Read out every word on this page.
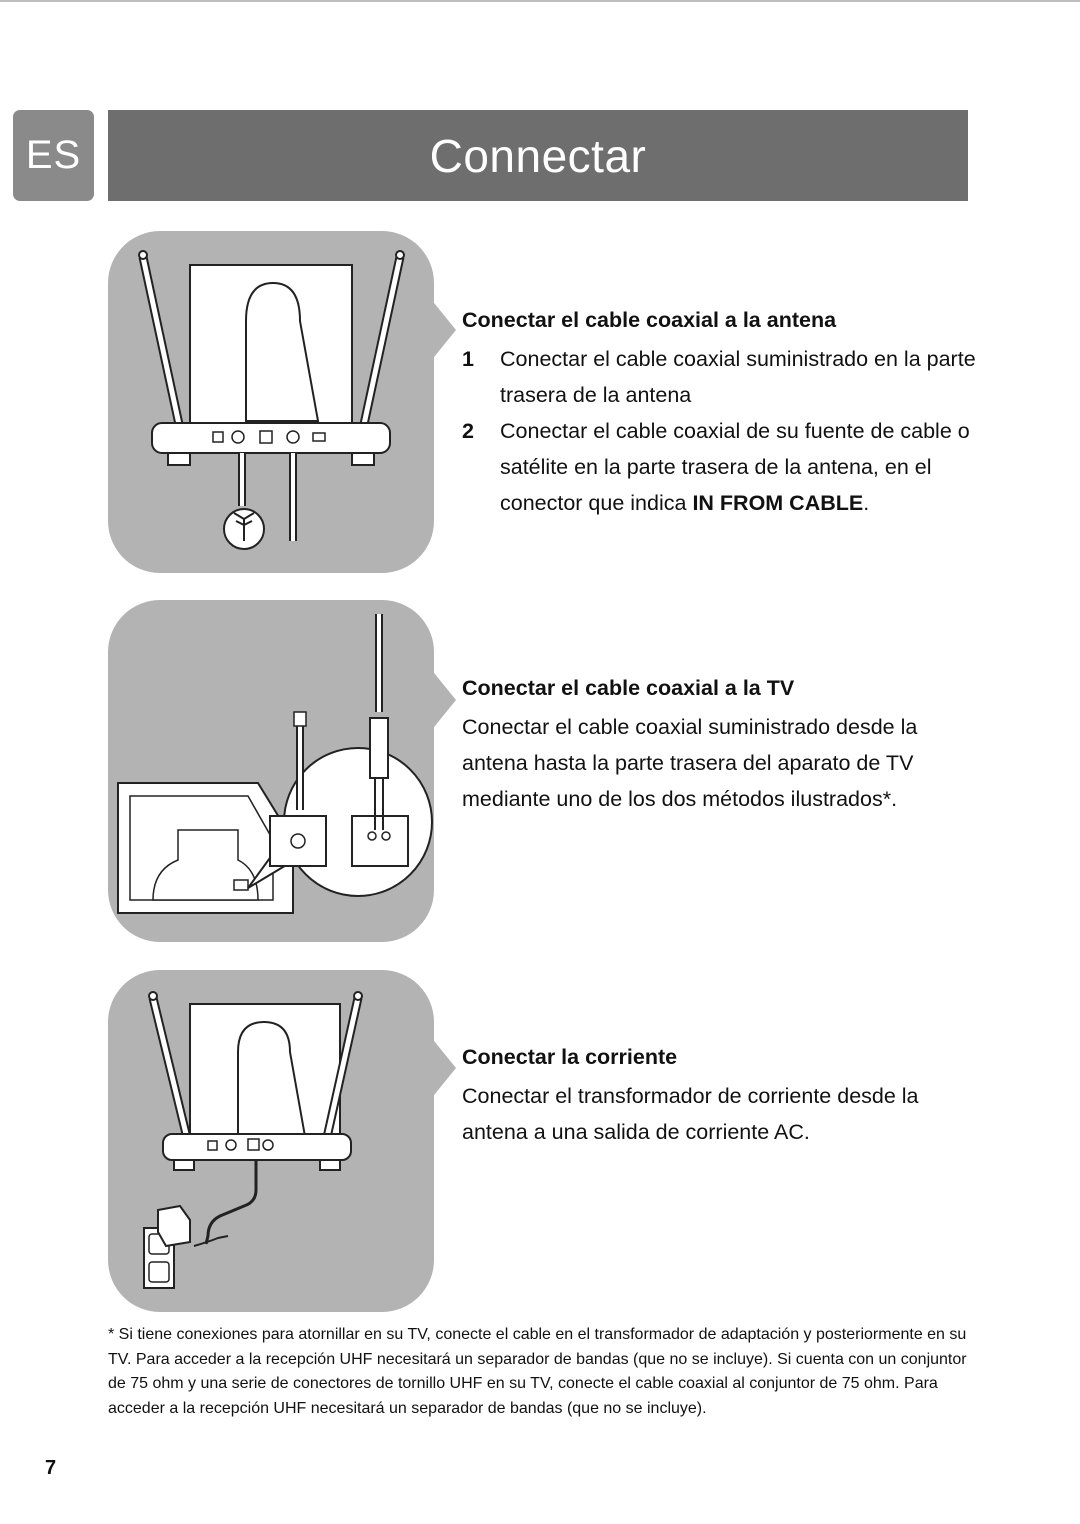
ES	Connectar
Conectar el cable coaxial a la antena
1	Conectar el cable coaxial suministrado en la parte trasera de la antena
2	Conectar el cable coaxial de su fuente de cable o satélite en la parte trasera de la antena, en el conector que indica IN FROM CABLE.
Conectar el cable coaxial a la TV

Conectar el cable coaxial suministrado desde la antena hasta la parte trasera del aparato de TV mediante uno de los dos métodos ilustrados*.

Conectar la corriente

Conectar el transformador de corriente desde la antena a una salida de corriente AC.

* Si tiene conexiones para atornillar en su TV, conecte el cable en el transformador de adaptación y posteriormente en su TV. Para acceder a la recepción UHF necesitará un separador de bandas (que no se incluye). Si cuenta con un conjuntor de 75 ohm y una serie de conectores de tornillo UHF en su TV, conecte el cable coaxial al conjuntor de 75 ohm. Para acceder a la recepción UHF necesitará un separador de bandas (que no se incluye).
7
